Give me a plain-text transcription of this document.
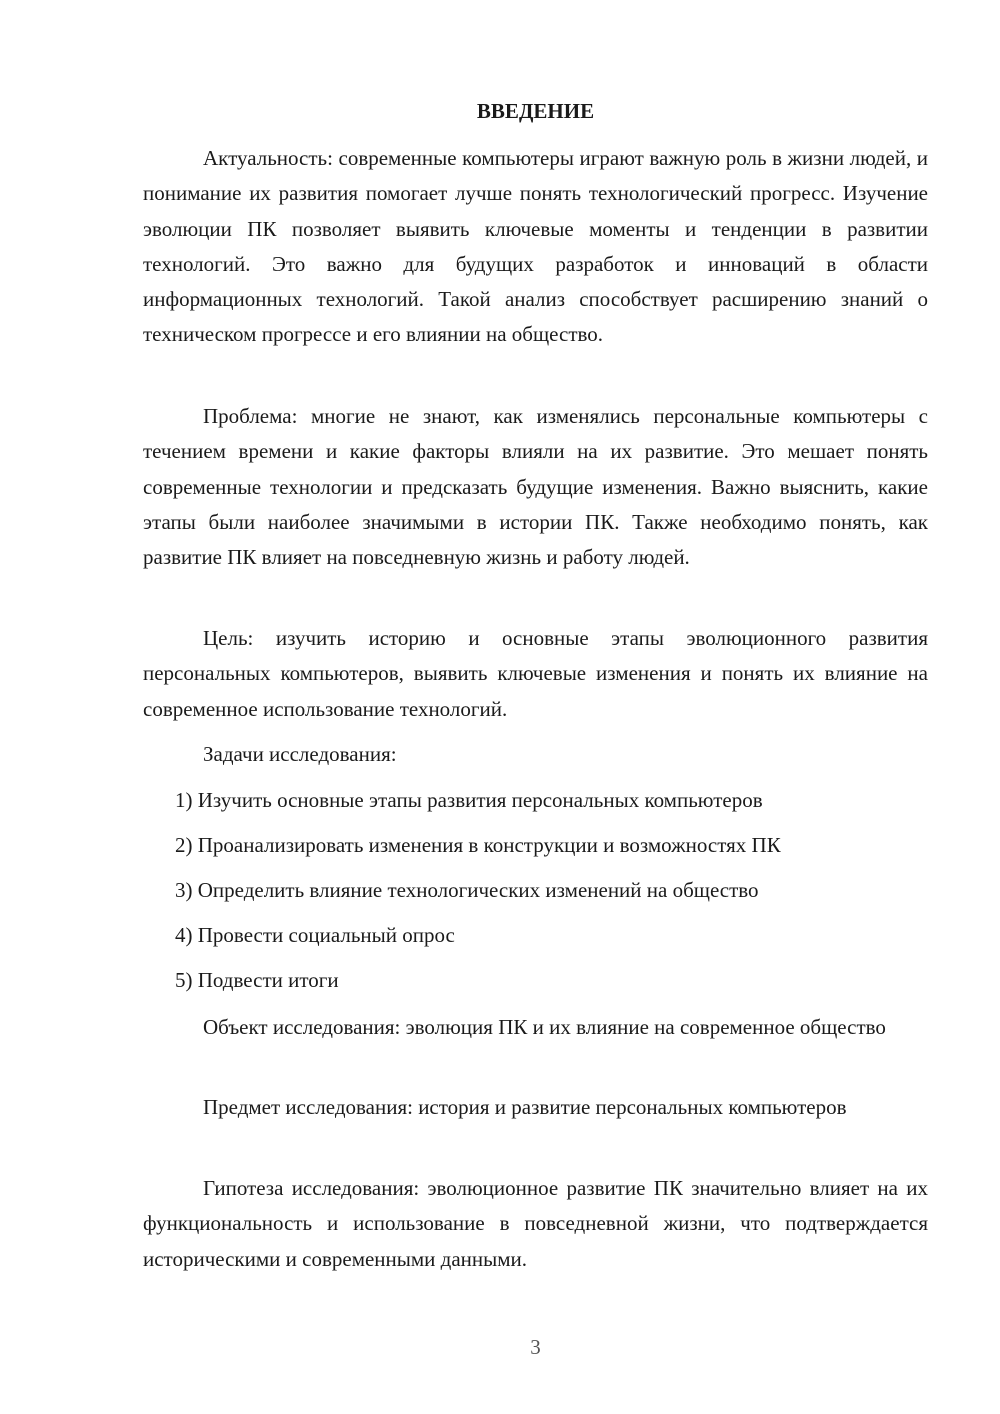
ВВЕДЕНИЕ

Актуальность: современные компьютеры играют важную роль в жизни людей, и понимание их развития помогает лучше понять технологический прогресс. Изучение эволюции ПК позволяет выявить ключевые моменты и тенденции в развитии технологий. Это важно для будущих разработок и инноваций в области информационных технологий. Такой анализ способствует расширению знаний о техническом прогрессе и его влиянии на общество.

Проблема: многие не знают, как изменялись персональные компьютеры с течением времени и какие факторы влияли на их развитие. Это мешает понять современные технологии и предсказать будущие изменения. Важно выяснить, какие этапы были наиболее значимыми в истории ПК. Также необходимо понять, как развитие ПК влияет на повседневную жизнь и работу людей.

Цель: изучить историю и основные этапы эволюционного развития персональных компьютеров, выявить ключевые изменения и понять их влияние на современное использование технологий.

Задачи исследования:

1) Изучить основные этапы развития персональных компьютеров

2) Проанализировать изменения в конструкции и возможностях ПК

3) Определить влияние технологических изменений на общество

4) Провести социальный опрос

5) Подвести итоги

Объект исследования: эволюция ПК и их влияние на современное общество

Предмет исследования: история и развитие персональных компьютеров

Гипотеза исследования: эволюционное развитие ПК значительно влияет на их функциональность и использование в повседневной жизни, что подтверждается историческими и современными данными.

3
